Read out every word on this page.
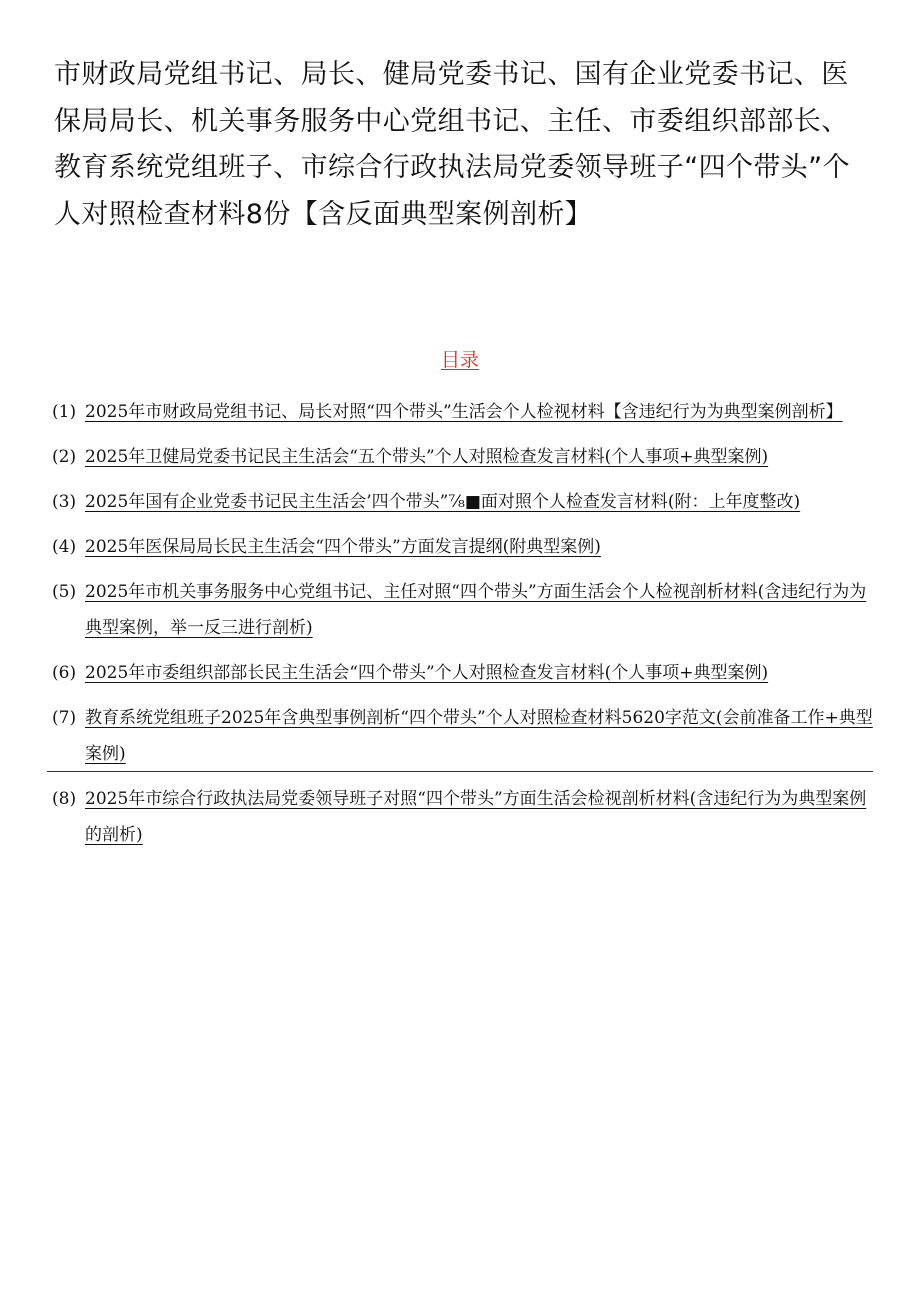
市财政局党组书记、局长、健局党委书记、国有企业党委书记、医保局局长、机关事务服务中心党组书记、主任、市委组织部部长、教育系统党组班子、市综合行政执法局党委领导班子“四个带头”个人对照检查材料8份【含反面典型案例剖析】
目录
(1) 2025年市财政局党组书记、局长对照“四个带头”生活会个人检视材料【含违纪行为为典型案例剖析】
(2) 2025年卫健局党委书记民主生活会“五个带头”个人对照检查发言材料(个人事项+典型案例)
(3) 2025年国有企业党委书记民主生活会’四个带头”⅞■面对照个人检查发言材料(附：上年度整改)
(4) 2025年医保局局长民主生活会“四个带头”方面发言提纲(附典型案例)
(5) 2025年市机关事务服务中心党组书记、主任对照“四个带头”方面生活会个人检视剖析材料(含违纪行为为典型案例，举一反三进行剖析)
(6) 2025年市委组织部部长民主生活会“四个带头”个人对照检查发言材料(个人事项+典型案例)
(7) 教育系统党组班子2025年含典型事例剖析“四个带头”个人对照检查材料5620字范文(会前准备工作+典型案例)
(8) 2025年市综合行政执法局党委领导班子对照“四个带头”方面生活会检视剖析材料(含违纪行为为典型案例的剖析)
